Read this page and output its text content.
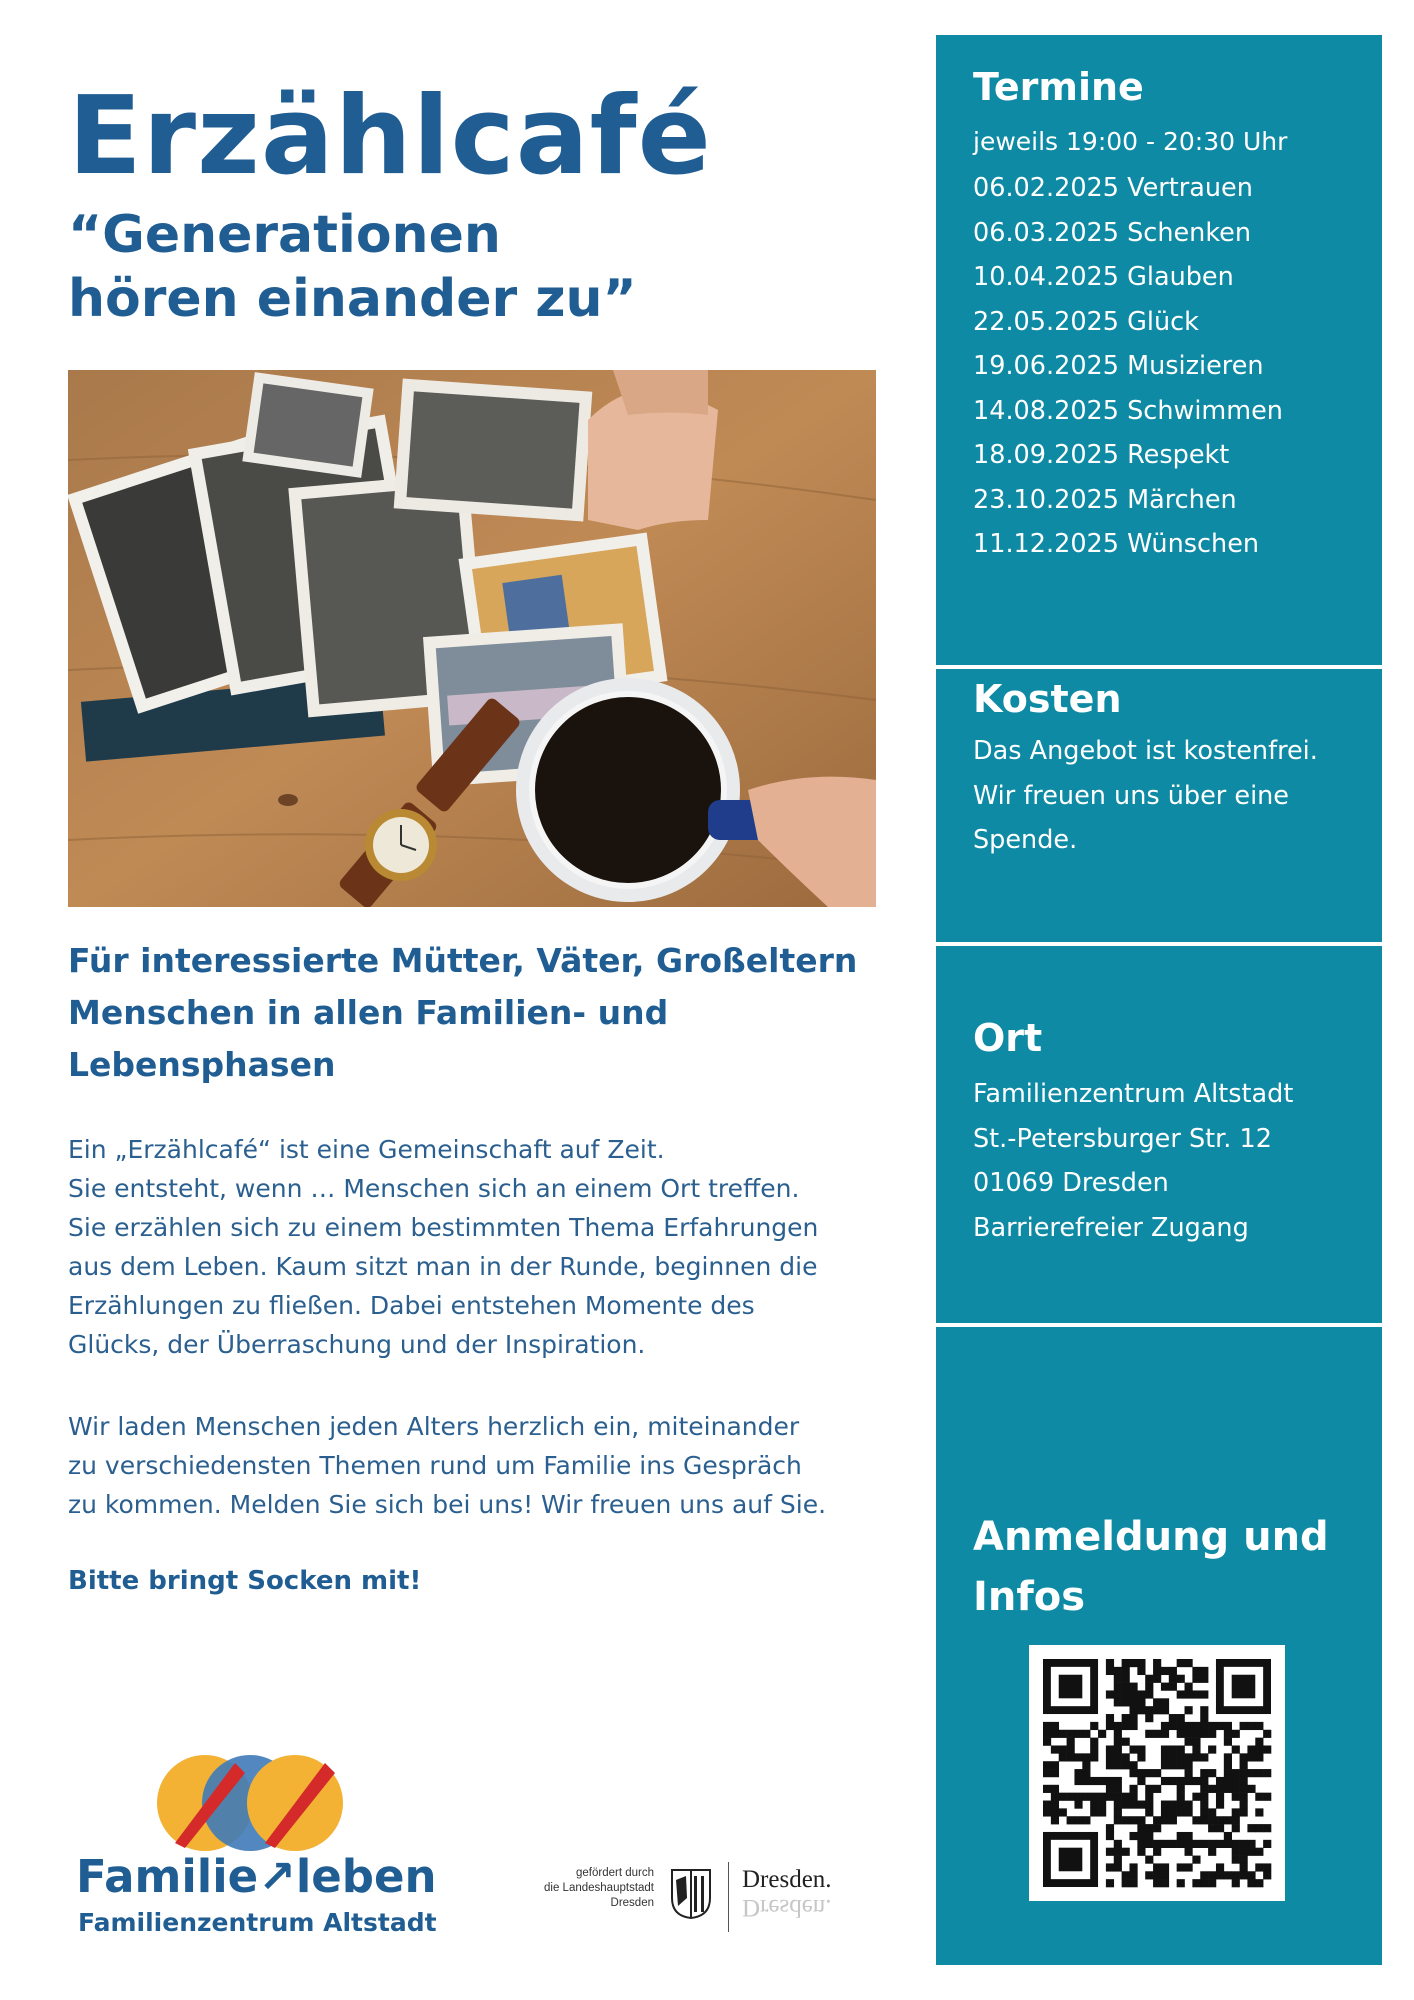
Erzählcafé
“Generationen
hören einander zu”

Für interessierte Mütter, Väter, Großeltern
Menschen in allen Familien- und
Lebensphasen

Ein „Erzählcafé“ ist eine Gemeinschaft auf Zeit.
Sie entsteht, wenn … Menschen sich an einem Ort treffen.
Sie erzählen sich zu einem bestimmten Thema Erfahrungen
aus dem Leben. Kaum sitzt man in der Runde, beginnen die
Erzählungen zu fließen. Dabei entstehen Momente des
Glücks, der Überraschung und der Inspiration.

Wir laden Menschen jeden Alters herzlich ein, miteinander
zu verschiedensten Themen rund um Familie ins Gespräch
zu kommen. Melden Sie sich bei uns! Wir freuen uns auf Sie.

Bitte bringt Socken mit!

Familie↗leben
Familienzentrum Altstadt
gefördert durch
die Landeshauptstadt
Dresden
Dresden.
Dresden.
Termine

jeweils 19:00 - 20:30 Uhr

06.02.2025 Vertrauen
06.03.2025 Schenken
10.04.2025 Glauben
22.05.2025 Glück
19.06.2025 Musizieren
14.08.2025 Schwimmen
18.09.2025 Respekt
23.10.2025 Märchen
11.12.2025 Wünschen
Kosten
Das Angebot ist kostenfrei.
Wir freuen uns über eine
Spende.
Ort
Familienzentrum Altstadt
St.-Petersburger Str. 12
01069 Dresden
Barrierefreier Zugang
Anmeldung und
Infos
